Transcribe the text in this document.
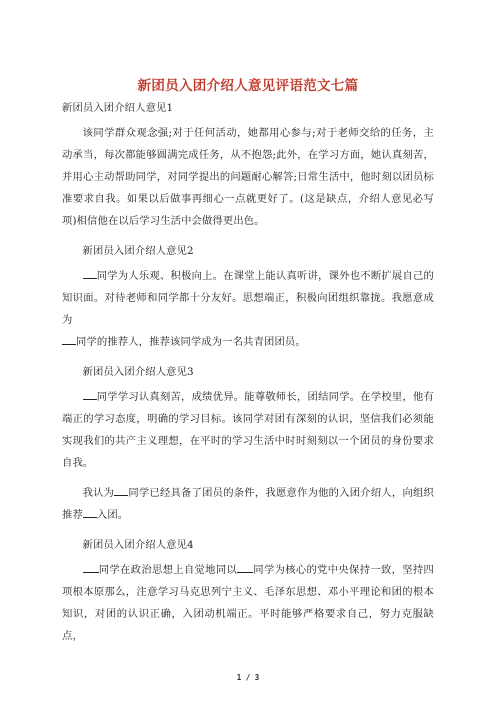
新团员入团介绍人意见评语范文七篇

新团员入团介绍人意见1

该同学群众观念强;对于任何活动，她都用心参与;对于老师交给的任务，主动承当，每次都能够圆满完成任务，从不抱怨;此外，在学习方面，她认真刻苦，并用心主动帮助同学，对同学提出的问题耐心解答;日常生活中，他时刻以团员标准要求自我。如果以后做事再细心一点就更好了。(这是缺点，介绍人意见必写项)相信他在以后学习生活中会做得更出色。

新团员入团介绍人意见2

同学为人乐观、积极向上。在课堂上能认真听讲，课外也不断扩展自己的知识面。对待老师和同学都十分友好。思想端正，积极向团组织靠拢。我愿意成为
同学的推荐人，推荐该同学成为一名共青团团员。

新团员入团介绍人意见3

同学学习认真刻苦，成绩优异。能尊敬师长，团结同学。在学校里，他有端正的学习态度，明确的学习目标。该同学对团有深刻的认识，坚信我们必须能实现我们的共产主义理想，在平时的学习生活中时时刻刻以一个团员的身份要求自我。

我认为 同学已经具备了团员的条件，我愿意作为他的入团介绍人，向组织推荐 入团。

新团员入团介绍人意见4

同学在政治思想上自觉地同以 同学为核心的党中央保持一致，坚持四项根本原那么，注意学习马克思列宁主义、毛泽东思想、邓小平理论和团的根本知识，对团的认识正确，入团动机端正。平时能够严格要求自己，努力克服缺点，

1 / 3
